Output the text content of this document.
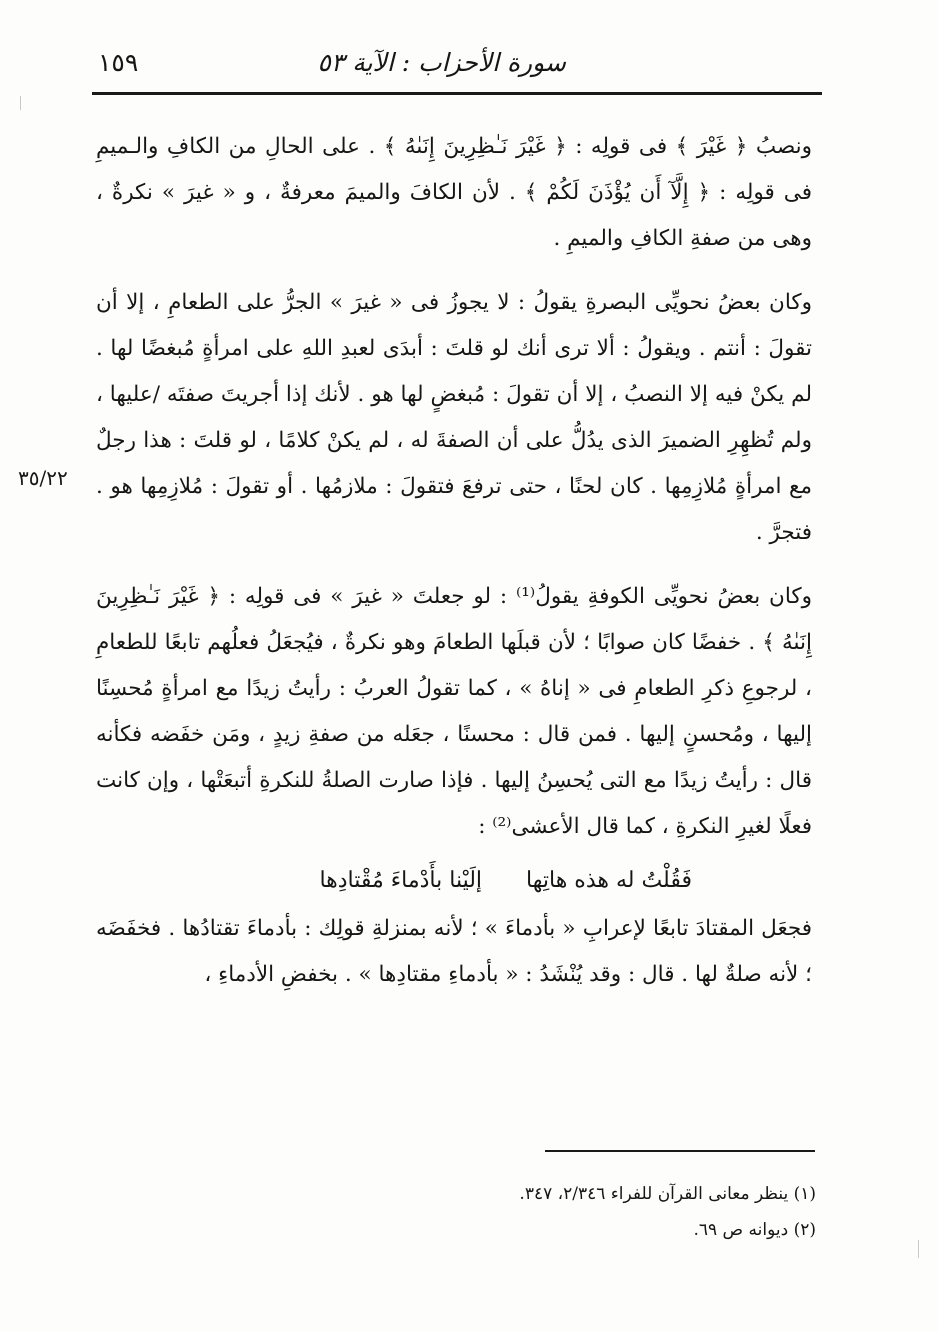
سورة الأحزاب : الآية ٥٣
١٥٩
٣٥/٢٢

ونصبُ ﴿ غَيْرَ ﴾ فى قولِه : ﴿ غَيْرَ نَـٰظِرِينَ إِنَىٰهُ ﴾ . على الحالِ من الكافِ والـميمِ فى قولِه : ﴿ إِلَّآ أَن يُؤْذَنَ لَكُمْ ﴾ . لأن الكافَ والميمَ معرفةٌ ، و « غيرَ » نكرةٌ ، وهى من صفةِ الكافِ والميمِ .

وكان بعضُ نحويِّى البصرةِ يقولُ : لا يجوزُ فى « غيرَ » الجرُّ على الطعامِ ، إلا أن تقولَ : أنتم . ويقولُ : ألا ترى أنك لو قلتَ : أبدَى لعبدِ اللهِ على امرأةٍ مُبغضًا لها . لم يكنْ فيه إلا النصبُ ، إلا أن تقولَ : مُبغضٍ لها هو . لأنك إذا أجريتَ صفتَه /عليها ، ولم تُظهِرِ الضميرَ الذى يدُلُّ على أن الصفةَ له ، لم يكنْ كلامًا ، لو قلتَ : هذا رجلٌ مع امرأةٍ مُلازِمِها . كان لحنًا ، حتى ترفعَ فتقولَ : ملازمُها . أو تقولَ : مُلازِمِها هو . فتجرَّ .

وكان بعضُ نحويِّى الكوفةِ يقولُ⁽¹⁾ : لو جعلتَ « غيرَ » فى قولِه : ﴿ غَيْرَ نَـٰظِرِينَ إِنَىٰهُ ﴾ . خفضًا كان صوابًا ؛ لأن قبلَها الطعامَ وهو نكرةٌ ، فيُجعَلُ فعلُهم تابعًا للطعامِ ، لرجوعِ ذكرِ الطعامِ فى « إناهُ » ، كما تقولُ العربُ : رأيتُ زيدًا مع امرأةٍ مُحسِنًا إليها ، ومُحسنٍ إليها . فمن قال : محسنًا ، جعَله من صفةِ زيدٍ ، ومَن خفَضه فكأنه قال : رأيتُ زيدًا مع التى يُحسِنُ إليها . فإذا صارت الصلةُ للنكرةِ أتبعَتْها ، وإن كانت فعلًا لغيرِ النكرةِ ، كما قال الأعشى⁽²⁾ :

فَقُلْتُ له هذه هاتِهاإلَيْنا بأَدْماءَ مُقْتادِها

فجعَل المقتادَ تابعًا لإعرابِ « بأدماءَ » ؛ لأنه بمنزلةِ قولِك : بأدماءَ تقتادُها . فخفَضَه ؛ لأنه صلةٌ لها . قال : وقد يُنْشَدُ : « بأدماءِ مقتادِها » . بخفضِ الأدماءِ ،

(١) ينظر معانى القرآن للفراء ٢/٣٤٦، ٣٤٧.

(٢) ديوانه ص ٦٩.
